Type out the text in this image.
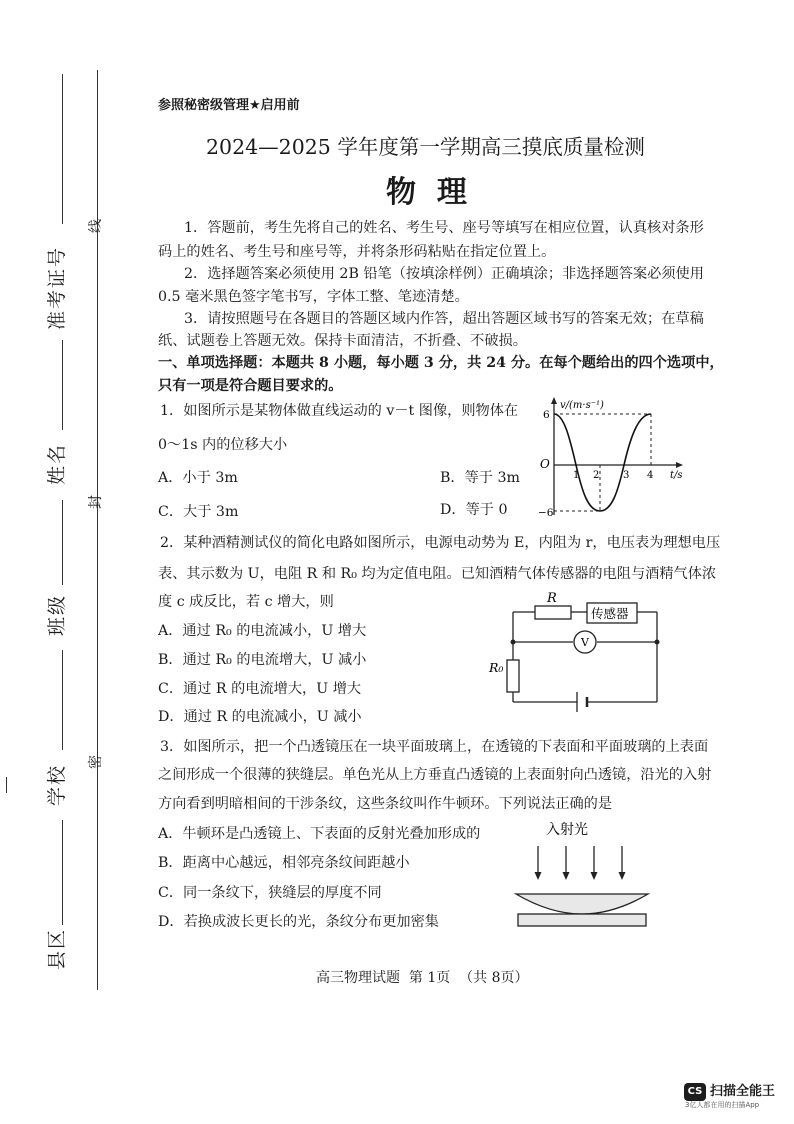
线
封
密
准考证号
姓名
班级
学校
县区
参照秘密级管理★启用前
2024—2025 学年度第一学期高三摸底质量检测
物  理
1．答题前，考生先将自己的姓名、考生号、座号等填写在相应位置，认真核对条形
码上的姓名、考生号和座号等，并将条形码粘贴在指定位置上。
2．选择题答案必须使用 2B 铅笔（按填涂样例）正确填涂；非选择题答案必须使用
0.5 毫米黑色签字笔书写，字体工整、笔迹清楚。
3．请按照题号在各题目的答题区域内作答，超出答题区域书写的答案无效；在草稿
纸、试题卷上答题无效。保持卡面清洁，不折叠、不破损。
一、单项选择题：本题共 8 小题，每小题 3 分，共 24 分。在每个题给出的四个选项中，
只有一项是符合题目要求的。
1．如图所示是某物体做直线运动的 v－t 图像，则物体在
0～1s 内的位移大小
A．小于 3m	B．等于 3m
C．大于 3m	D．等于 0
v/(m·s⁻¹)
6
O
−6
1 2 3 4 t/s
2．某种酒精测试仪的简化电路如图所示，电源电动势为 E，内阻为 r，电压表为理想电压
表、其示数为 U，电阻 R 和 R₀ 均为定值电阻。已知酒精气体传感器的电阻与酒精气体浓
度 c 成反比，若 c 增大，则
A．通过 R₀ 的电流减小，U 增大
B．通过 R₀ 的电流增大，U 减小
C．通过 R 的电流增大，U 增大
D．通过 R 的电流减小，U 减小
R
传感器
V
R₀
3．如图所示，把一个凸透镜压在一块平面玻璃上，在透镜的下表面和平面玻璃的上表面
之间形成一个很薄的狭缝层。单色光从上方垂直凸透镜的上表面射向凸透镜，沿光的入射
方向看到明暗相间的干涉条纹，这些条纹叫作牛顿环。下列说法正确的是
A．牛顿环是凸透镜上、下表面的反射光叠加形成的
B．距离中心越远，相邻亮条纹间距越小
C．同一条纹下，狭缝层的厚度不同
D．若换成波长更长的光，条纹分布更加密集
入射光
高三物理试题  第 1页  （共 8页）
CS 扫描全能王
3亿人都在用的扫描App
